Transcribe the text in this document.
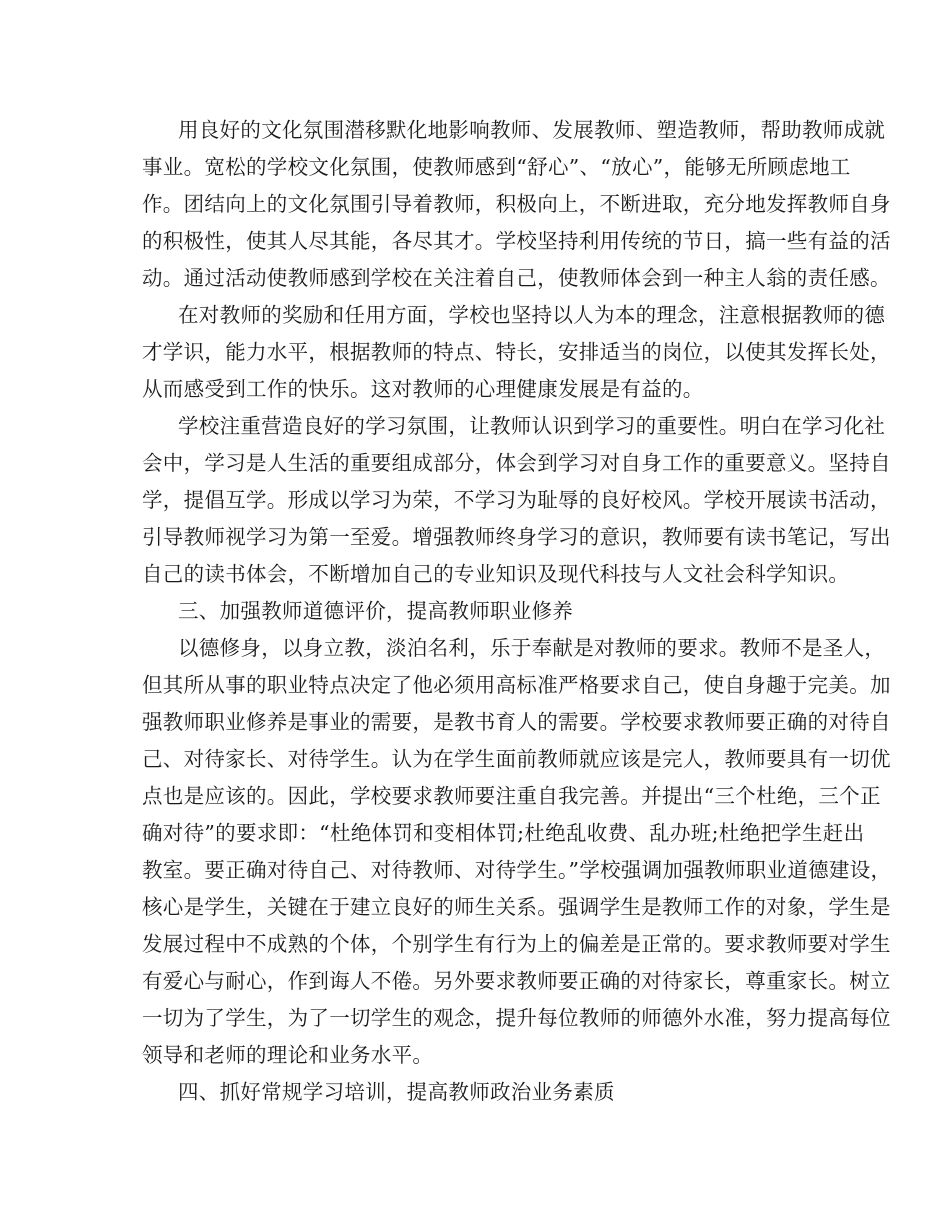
用良好的文化氛围潜移默化地影响教师、发展教师、塑造教师，帮助教师成就
事业。宽松的学校文化氛围，使教师感到“舒心”、“放心”，能够无所顾虑地工
作。团结向上的文化氛围引导着教师，积极向上，不断进取，充分地发挥教师自身
的积极性，使其人尽其能，各尽其才。学校坚持利用传统的节日，搞一些有益的活
动。通过活动使教师感到学校在关注着自己，使教师体会到一种主人翁的责任感。
在对教师的奖励和任用方面，学校也坚持以人为本的理念，注意根据教师的德
才学识，能力水平，根据教师的特点、特长，安排适当的岗位，以使其发挥长处，
从而感受到工作的快乐。这对教师的心理健康发展是有益的。
学校注重营造良好的学习氛围，让教师认识到学习的重要性。明白在学习化社
会中，学习是人生活的重要组成部分，体会到学习对自身工作的重要意义。坚持自
学，提倡互学。形成以学习为荣，不学习为耻辱的良好校风。学校开展读书活动，
引导教师视学习为第一至爱。增强教师终身学习的意识，教师要有读书笔记，写出
自己的读书体会，不断增加自己的专业知识及现代科技与人文社会科学知识。
三、加强教师道德评价，提高教师职业修养
以德修身，以身立教，淡泊名利，乐于奉献是对教师的要求。教师不是圣人，
但其所从事的职业特点决定了他必须用高标准严格要求自己，使自身趣于完美。加
强教师职业修养是事业的需要，是教书育人的需要。学校要求教师要正确的对待自
己、对待家长、对待学生。认为在学生面前教师就应该是完人，教师要具有一切优
点也是应该的。因此，学校要求教师要注重自我完善。并提出“三个杜绝，三个正
确对待”的要求即：“杜绝体罚和变相体罚;杜绝乱收费、乱办班;杜绝把学生赶出
教室。要正确对待自己、对待教师、对待学生。”学校强调加强教师职业道德建设，
核心是学生，关键在于建立良好的师生关系。强调学生是教师工作的对象，学生是
发展过程中不成熟的个体，个别学生有行为上的偏差是正常的。要求教师要对学生
有爱心与耐心，作到诲人不倦。另外要求教师要正确的对待家长，尊重家长。树立
一切为了学生，为了一切学生的观念，提升每位教师的师德外水准，努力提高每位
领导和老师的理论和业务水平。
四、抓好常规学习培训，提高教师政治业务素质
